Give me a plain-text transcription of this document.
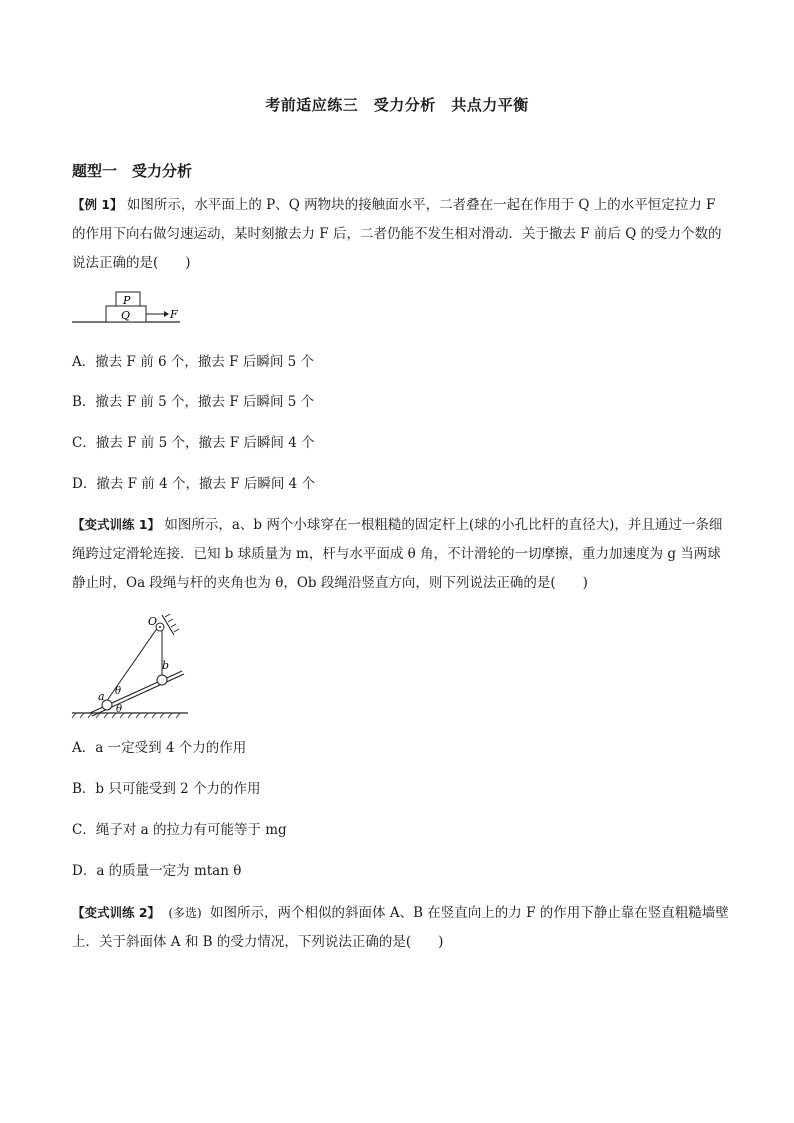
考前适应练三　受力分析　共点力平衡
题型一　受力分析
【例 1】 如图所示，水平面上的 P、Q 两物块的接触面水平，二者叠在一起在作用于 Q 上的水平恒定拉力 F 的作用下向右做匀速运动，某时刻撤去力 F 后，二者仍能不发生相对滑动．关于撤去 F 前后 Q 的受力个数的说法正确的是(　　)
P
Q	F
A．撤去 F 前 6 个，撤去 F 后瞬间 5 个
B．撤去 F 前 5 个，撤去 F 后瞬间 5 个
C．撤去 F 前 5 个，撤去 F 后瞬间 4 个
D．撤去 F 前 4 个，撤去 F 后瞬间 4 个
【变式训练 1】 如图所示，a、b 两个小球穿在一根粗糙的固定杆上(球的小孔比杆的直径大)，并且通过一条细绳跨过定滑轮连接．已知 b 球质量为 m，杆与水平面成 θ 角，不计滑轮的一切摩擦，重力加速度为 g 当两球静止时，Oa 段绳与杆的夹角也为 θ，Ob 段绳沿竖直方向，则下列说法正确的是(　　)
O
a
b
θ
θ
A．a 一定受到 4 个力的作用
B．b 只可能受到 2 个力的作用
C．绳子对 a 的拉力有可能等于 mg
D．a 的质量一定为 mtan θ
【变式训练 2】 (多选) 如图所示，两个相似的斜面体 A、B 在竖直向上的力 F 的作用下静止靠在竖直粗糙墙壁上．关于斜面体 A 和 B 的受力情况，下列说法正确的是(　　)
